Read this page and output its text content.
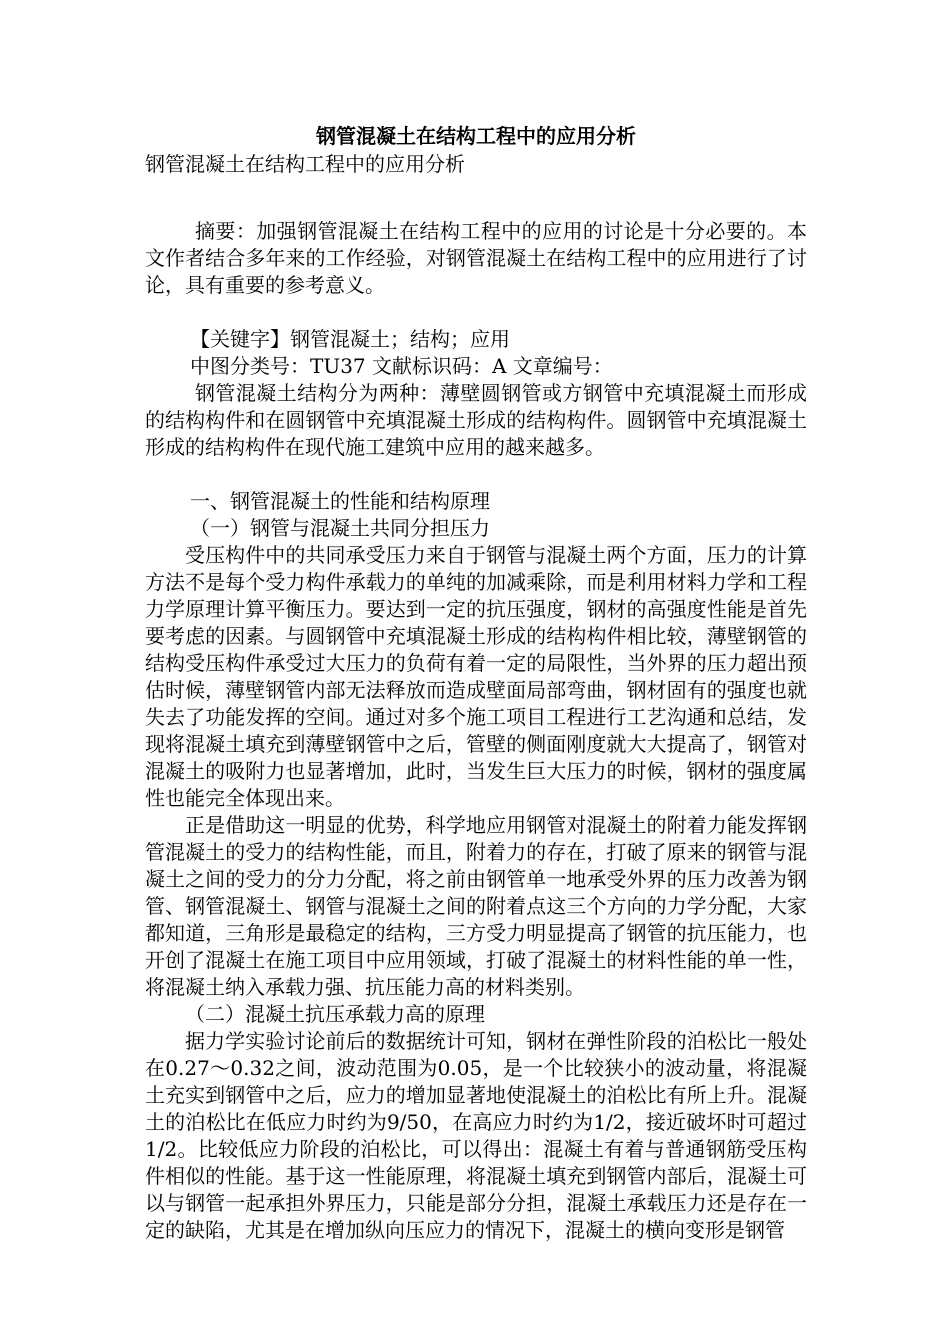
钢管混凝土在结构工程中的应用分析

钢管混凝土在结构工程中的应用分析

摘要：加强钢管混凝土在结构工程中的应用的讨论是十分必要的。本文作者结合多年来的工作经验，对钢管混凝土在结构工程中的应用进行了讨论，具有重要的参考意义。

【关键字】钢管混凝土；结构；应用

中图分类号：TU37 文献标识码：A 文章编号：

钢管混凝土结构分为两种：薄壁圆钢管或方钢管中充填混凝土而形成的结构构件和在圆钢管中充填混凝土形成的结构构件。圆钢管中充填混凝土形成的结构构件在现代施工建筑中应用的越来越多。

一、钢管混凝土的性能和结构原理

（一）钢管与混凝土共同分担压力

受压构件中的共同承受压力来自于钢管与混凝土两个方面，压力的计算方法不是每个受力构件承载力的单纯的加减乘除，而是利用材料力学和工程力学原理计算平衡压力。要达到一定的抗压强度，钢材的高强度性能是首先要考虑的因素。与圆钢管中充填混凝土形成的结构构件相比较，薄壁钢管的结构受压构件承受过大压力的负荷有着一定的局限性，当外界的压力超出预估时候，薄壁钢管内部无法释放而造成壁面局部弯曲，钢材固有的强度也就失去了功能发挥的空间。通过对多个施工项目工程进行工艺沟通和总结，发现将混凝土填充到薄壁钢管中之后，管壁的侧面刚度就大大提高了，钢管对混凝土的吸附力也显著增加，此时，当发生巨大压力的时候，钢材的强度属性也能完全体现出来。

正是借助这一明显的优势，科学地应用钢管对混凝土的附着力能发挥钢管混凝土的受力的结构性能，而且，附着力的存在，打破了原来的钢管与混凝土之间的受力的分力分配，将之前由钢管单一地承受外界的压力改善为钢管、钢管混凝土、钢管与混凝土之间的附着点这三个方向的力学分配，大家都知道，三角形是最稳定的结构，三方受力明显提高了钢管的抗压能力，也开创了混凝土在施工项目中应用领域，打破了混凝土的材料性能的单一性，将混凝土纳入承载力强、抗压能力高的材料类别。

（二）混凝土抗压承载力高的原理

据力学实验讨论前后的数据统计可知，钢材在弹性阶段的泊松比一般处在0.27～0.32之间，波动范围为0.05，是一个比较狭小的波动量，将混凝土充实到钢管中之后，应力的增加显著地使混凝土的泊松比有所上升。混凝土的泊松比在低应力时约为9/50，在高应力时约为1/2，接近破坏时可超过1/2。比较低应力阶段的泊松比，可以得出：混凝土有着与普通钢筋受压构件相似的性能。基于这一性能原理，将混凝土填充到钢管内部后，混凝土可以与钢管一起承担外界压力，只能是部分分担，混凝土承载压力还是存在一定的缺陷，尤其是在增加纵向压应力的情况下，混凝土的横向变形是钢管
